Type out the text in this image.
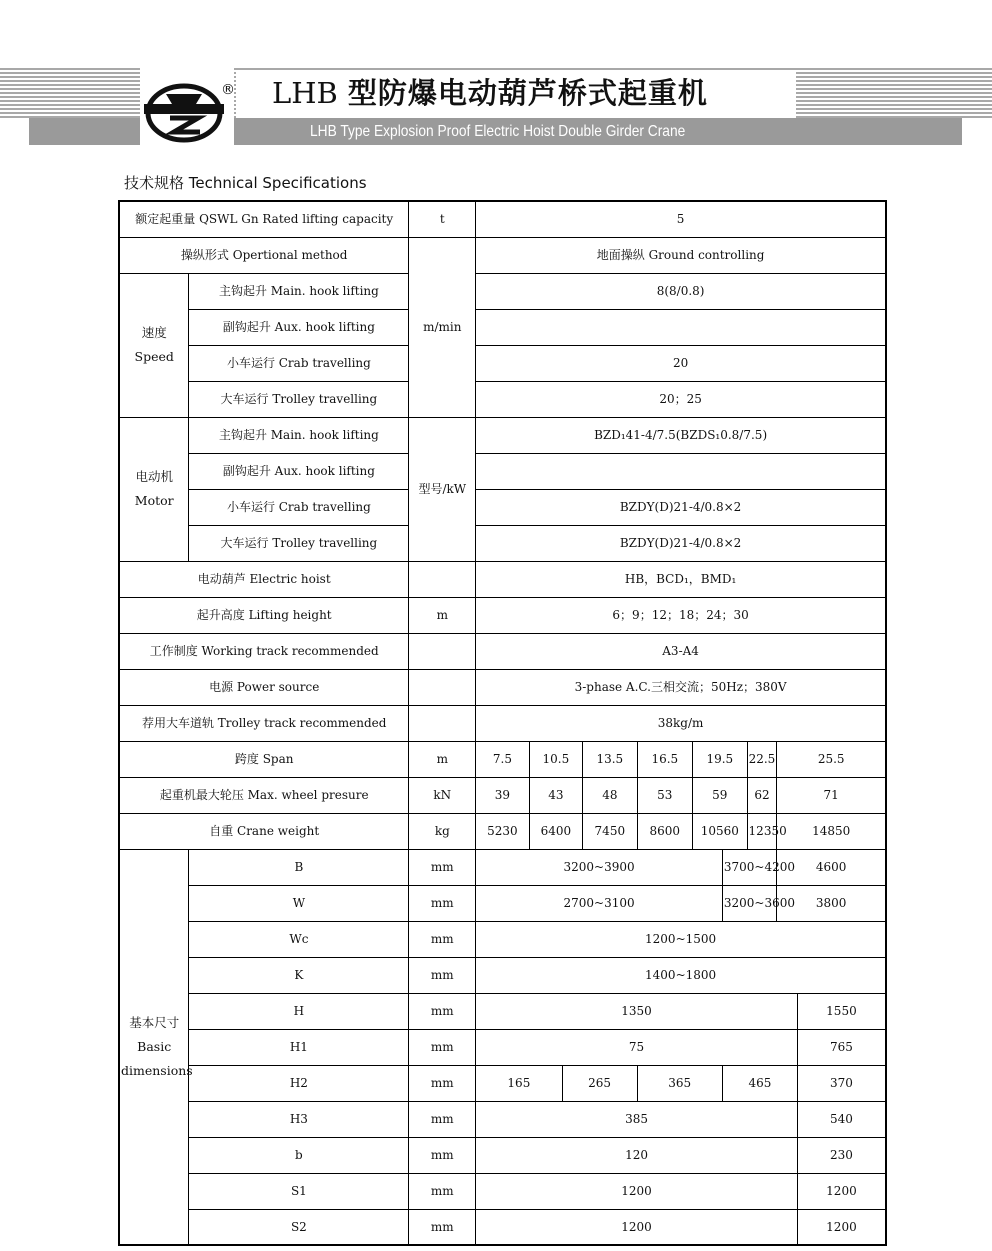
® LHB 型防爆电动葫芦桥式起重机
LHB Type Explosion Proof Electric Hoist Double Girder Crane
技术规格 Technical Specifications
额定起重量 QSWL Gn Rated lifting capacity		t	5									
操纵形式 Opertional method		m/min	地面操纵 Ground controlling									
速度
Speed	主钩起升 Main. hook lifting		8(8/0.8)									
	副钩起升 Aux. hook lifting											
	小车运行 Crab travelling		20									
	大车运行 Trolley travelling		20；25									
电动机
Motor	主钩起升 Main. hook lifting	型号/kW	BZD₁41-4/7.5(BZDS₁0.8/7.5)									
	副钩起升 Aux. hook lifting											
	小车运行 Crab travelling		BZDY(D)21-4/0.8×2									
	大车运行 Trolley travelling		BZDY(D)21-4/0.8×2									
电动葫芦 Electric hoist			HB，BCD₁，BMD₁									
起升高度 Lifting height		m	6；9；12；18；24；30									
工作制度 Working track recommended			A3-A4									
电源 Power source			3-phase A.C.三相交流；50Hz；380V									
荐用大车道轨 Trolley track recommended			38kg/m									
跨度 Span		m	7.5	10.5		13.5	16.5	19.5		22.5	25.5	
起重机最大轮压 Max. wheel presure		kN	39	43		48	53	59		62	71	
自重 Crane weight		kg	5230	6400		7450	8600	10560		12350	14850	
基本尺寸
Basic
dimensions	B	mm	3200~3900						3700~4200		4600	
	W	mm	2700~3100						3200~3600		3800	
	Wc	mm	1200~1500									
	K	mm	1400~1800									
	H	mm	1350									1550
	H1	mm	75									765
	H2	mm	165		265		365		465			370
	H3	mm	385									540
	b	mm	120									230
	S1	mm	1200									1200
	S2	mm	1200									1200
